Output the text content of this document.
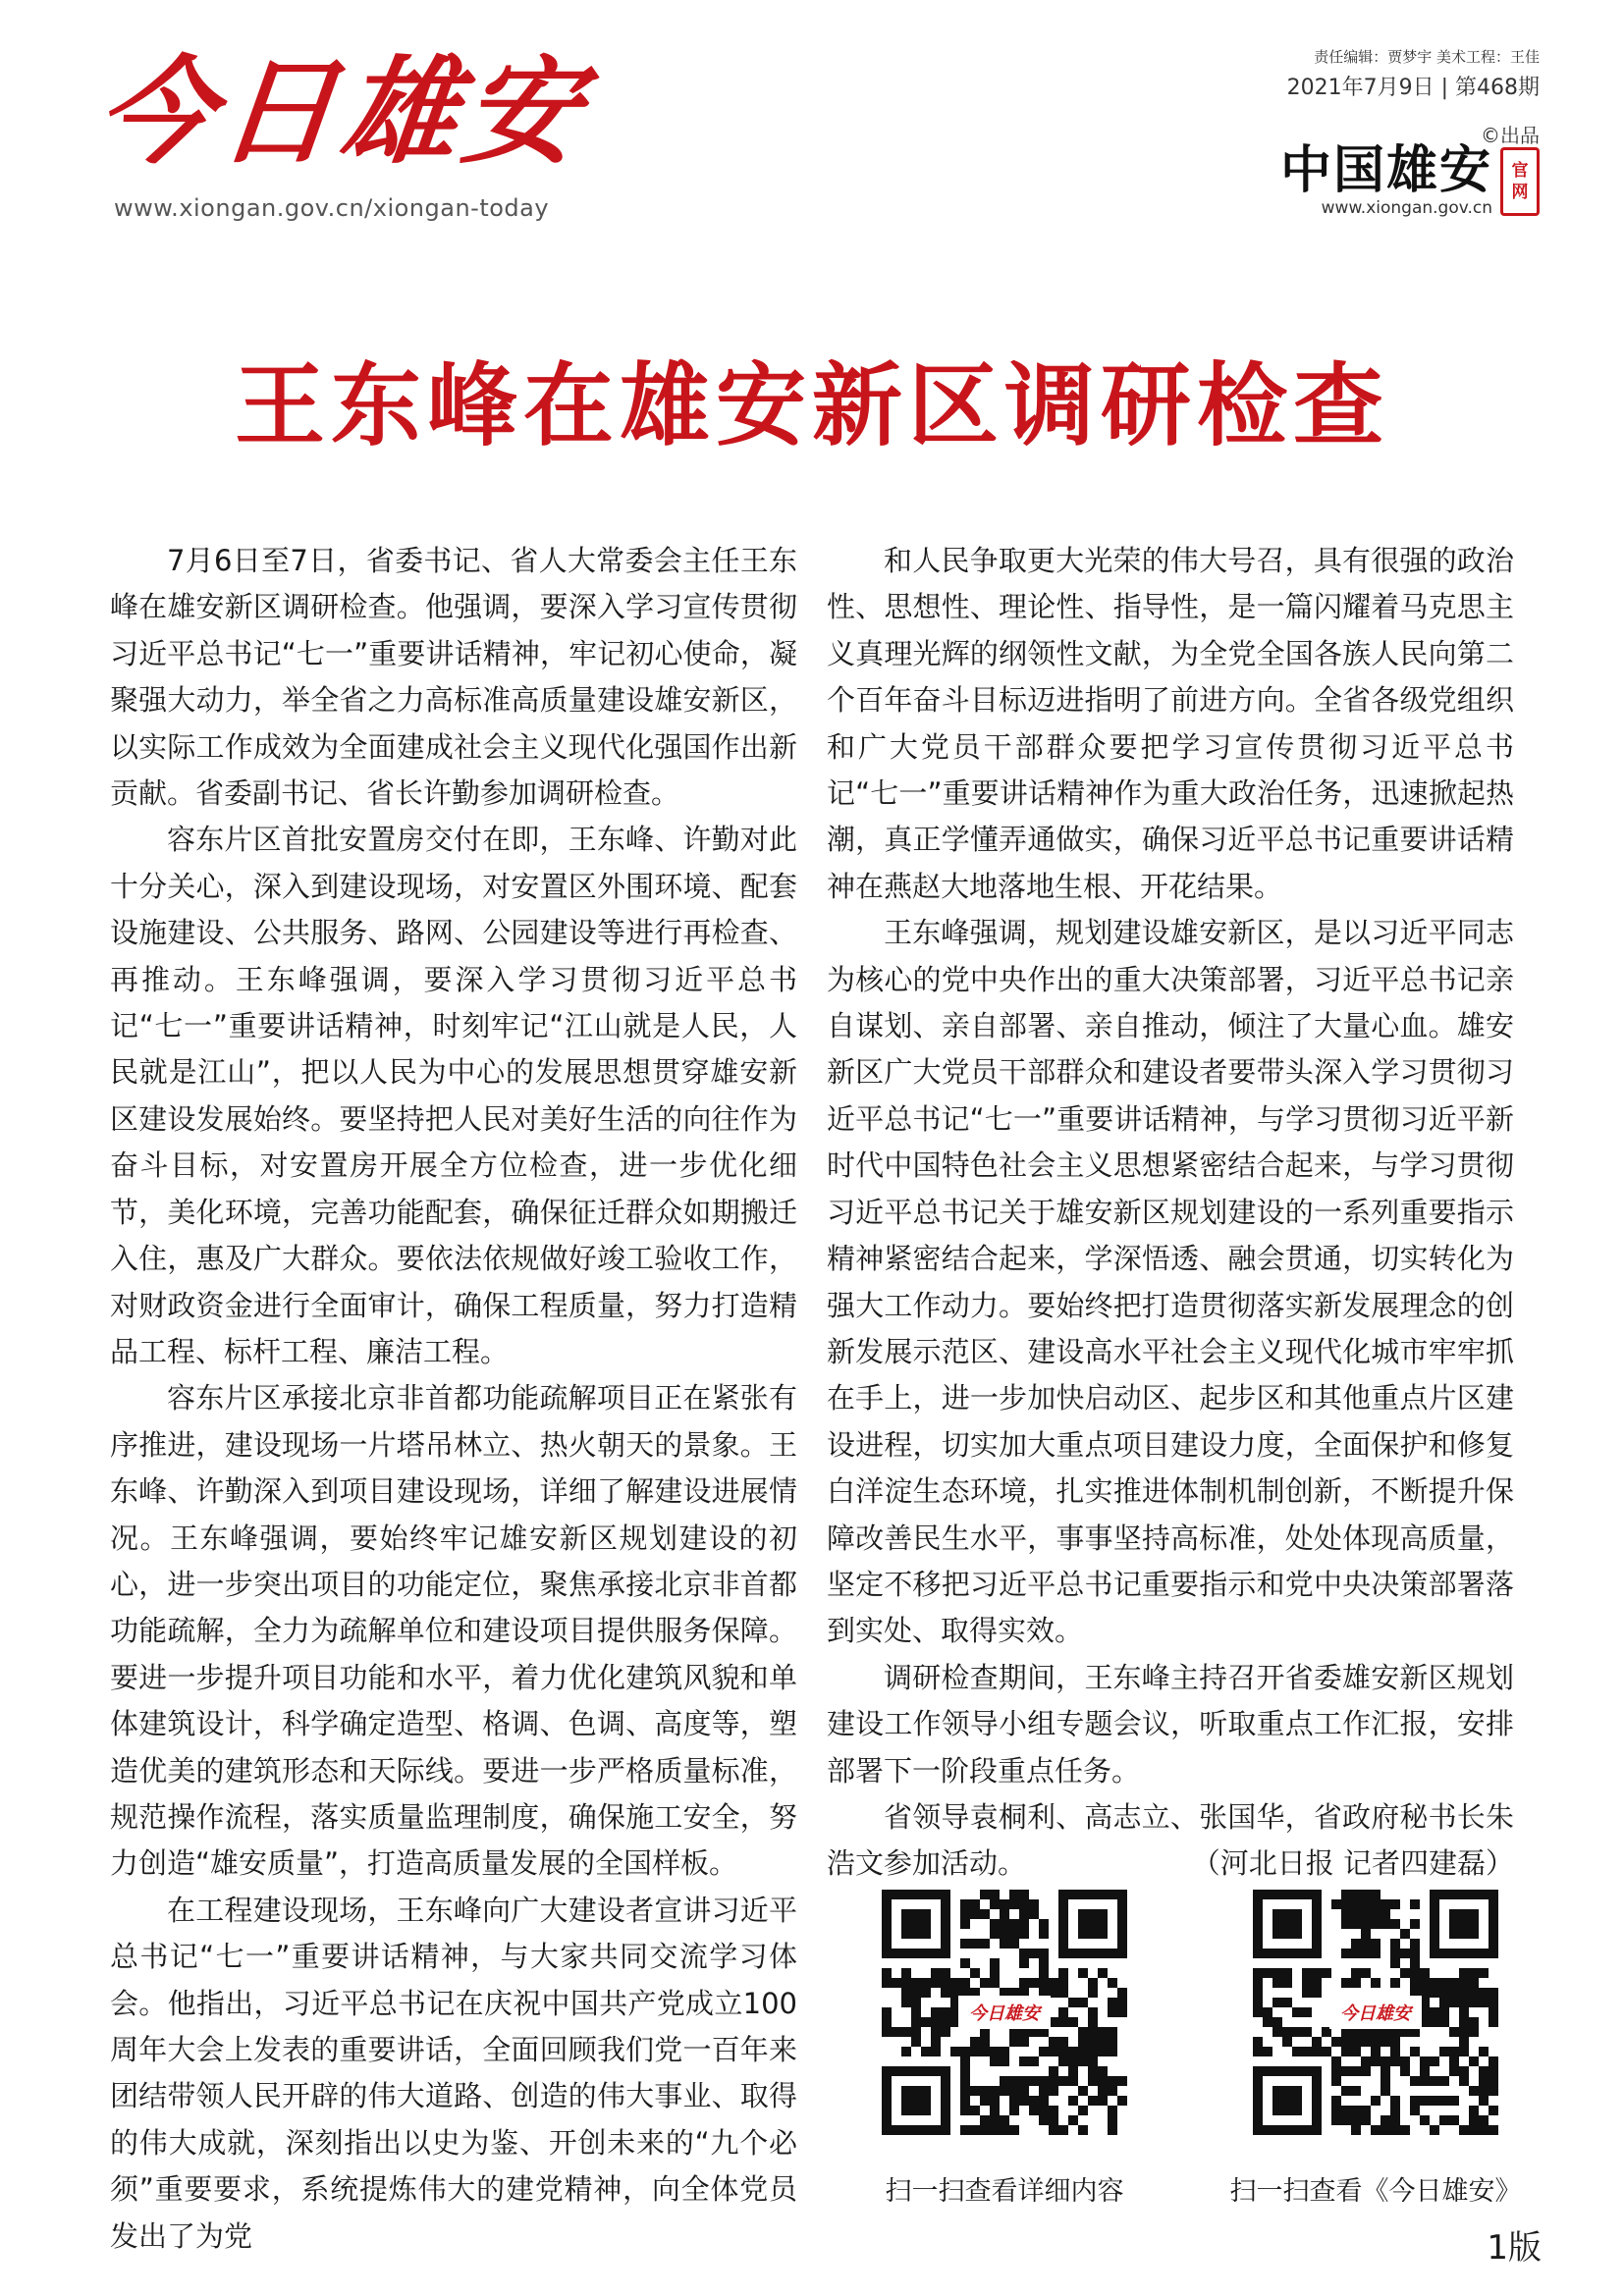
今日雄安
www.xiongan.gov.cn/xiongan-today
责任编辑：贾梦宇 美术工程：王佳
2021年7月9日 | 第468期
©出品
中国雄安 官
网
www.xiongan.gov.cn
王东峰在雄安新区调研检查

7月6日至7日，省委书记、省人大常委会主任王东峰在雄安新区调研检查。他强调，要深入学习宣传贯彻习近平总书记“七一”重要讲话精神，牢记初心使命，凝聚强大动力，举全省之力高标准高质量建设雄安新区，以实际工作成效为全面建成社会主义现代化强国作出新贡献。省委副书记、省长许勤参加调研检查。

容东片区首批安置房交付在即，王东峰、许勤对此十分关心，深入到建设现场，对安置区外围环境、配套设施建设、公共服务、路网、公园建设等进行再检查、再推动。王东峰强调，要深入学习贯彻习近平总书记“七一”重要讲话精神，时刻牢记“江山就是人民，人民就是江山”，把以人民为中心的发展思想贯穿雄安新区建设发展始终。要坚持把人民对美好生活的向往作为奋斗目标，对安置房开展全方位检查，进一步优化细节，美化环境，完善功能配套，确保征迁群众如期搬迁入住，惠及广大群众。要依法依规做好竣工验收工作，对财政资金进行全面审计，确保工程质量，努力打造精品工程、标杆工程、廉洁工程。

容东片区承接北京非首都功能疏解项目正在紧张有序推进，建设现场一片塔吊林立、热火朝天的景象。王东峰、许勤深入到项目建设现场，详细了解建设进展情况。王东峰强调，要始终牢记雄安新区规划建设的初心，进一步突出项目的功能定位，聚焦承接北京非首都功能疏解，全力为疏解单位和建设项目提供服务保障。要进一步提升项目功能和水平，着力优化建筑风貌和单体建筑设计，科学确定造型、格调、色调、高度等，塑造优美的建筑形态和天际线。要进一步严格质量标准，规范操作流程，落实质量监理制度，确保施工安全，努力创造“雄安质量”，打造高质量发展的全国样板。

在工程建设现场，王东峰向广大建设者宣讲习近平总书记“七一”重要讲话精神，与大家共同交流学习体会。他指出，习近平总书记在庆祝中国共产党成立100周年大会上发表的重要讲话，全面回顾我们党一百年来团结带领人民开辟的伟大道路、创造的伟大事业、取得的伟大成就，深刻指出以史为鉴、开创未来的“九个必须”重要要求，系统提炼伟大的建党精神，向全体党员发出了为党

和人民争取更大光荣的伟大号召，具有很强的政治性、思想性、理论性、指导性，是一篇闪耀着马克思主义真理光辉的纲领性文献，为全党全国各族人民向第二个百年奋斗目标迈进指明了前进方向。全省各级党组织和广大党员干部群众要把学习宣传贯彻习近平总书记“七一”重要讲话精神作为重大政治任务，迅速掀起热潮，真正学懂弄通做实，确保习近平总书记重要讲话精神在燕赵大地落地生根、开花结果。

王东峰强调，规划建设雄安新区，是以习近平同志为核心的党中央作出的重大决策部署，习近平总书记亲自谋划、亲自部署、亲自推动，倾注了大量心血。雄安新区广大党员干部群众和建设者要带头深入学习贯彻习近平总书记“七一”重要讲话精神，与学习贯彻习近平新时代中国特色社会主义思想紧密结合起来，与学习贯彻习近平总书记关于雄安新区规划建设的一系列重要指示精神紧密结合起来，学深悟透、融会贯通，切实转化为强大工作动力。要始终把打造贯彻落实新发展理念的创新发展示范区、建设高水平社会主义现代化城市牢牢抓在手上，进一步加快启动区、起步区和其他重点片区建设进程，切实加大重点项目建设力度，全面保护和修复白洋淀生态环境，扎实推进体制机制创新，不断提升保障改善民生水平，事事坚持高标准，处处体现高质量，坚定不移把习近平总书记重要指示和党中央决策部署落到实处、取得实效。

调研检查期间，王东峰主持召开省委雄安新区规划建设工作领导小组专题会议，听取重点工作汇报，安排部署下一阶段重点任务。

省领导袁桐利、高志立、张国华，省政府秘书长朱浩文参加活动。	（河北日报 记者四建磊）

今日雄安	今日雄安
扫一扫查看详细内容	扫一扫查看《今日雄安》
1版
